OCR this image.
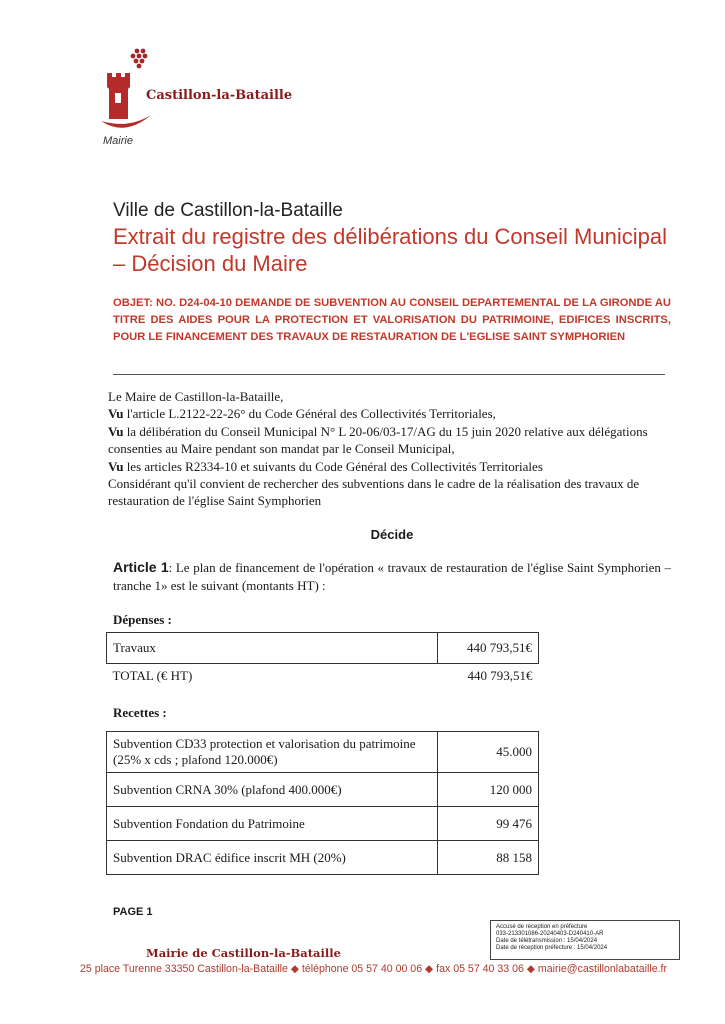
Castillon-la-Bataille
Mairie
Ville de Castillon-la-Bataille
Extrait du registre des délibérations du Conseil Municipal – Décision du Maire
OBJET: NO. D24-04-10 DEMANDE DE SUBVENTION AU CONSEIL DEPARTEMENTAL DE LA GIRONDE AU TITRE DES AIDES POUR LA PROTECTION ET VALORISATION DU PATRIMOINE, EDIFICES INSCRITS, POUR LE FINANCEMENT DES TRAVAUX DE RESTAURATION DE L'EGLISE SAINT SYMPHORIEN

Le Maire de Castillon-la-Bataille,

Vu l'article L.2122-22-26° du Code Général des Collectivités Territoriales,

Vu la délibération du Conseil Municipal N° L 20-06/03-17/AG du 15 juin 2020 relative aux délégations consenties au Maire pendant son mandat par le Conseil Municipal,

Vu les articles R2334-10 et suivants du Code Général des Collectivités Territoriales

Considérant qu'il convient de rechercher des subventions dans le cadre de la réalisation des travaux de restauration de l'église Saint Symphorien

Décide
Article 1: Le plan de financement de l'opération « travaux de restauration de l'église Saint Symphorien – tranche 1» est le suivant (montants HT) :
Dépenses :
Travaux	440 793,51€
TOTAL (€ HT)	440 793,51€
Recettes :
Subvention CD33 protection et valorisation du patrimoine (25% x cds ; plafond 120.000€)	45.000
Subvention CRNA 30% (plafond 400.000€)	120 000
Subvention Fondation du Patrimoine	99 476
Subvention DRAC édifice inscrit MH (20%)	88 158
PAGE 1
Accusé de réception en préfecture
033-213301086-20240403-D240410-AR
Date de télétransmission : 15/04/2024
Date de réception préfecture : 15/04/2024
Mairie de Castillon-la-Bataille
25 place Turenne 33350 Castillon-la-Bataille ◆ téléphone 05 57 40 00 06 ◆ fax 05 57 40 33 06 ◆ mairie@castillonlabataille.fr
